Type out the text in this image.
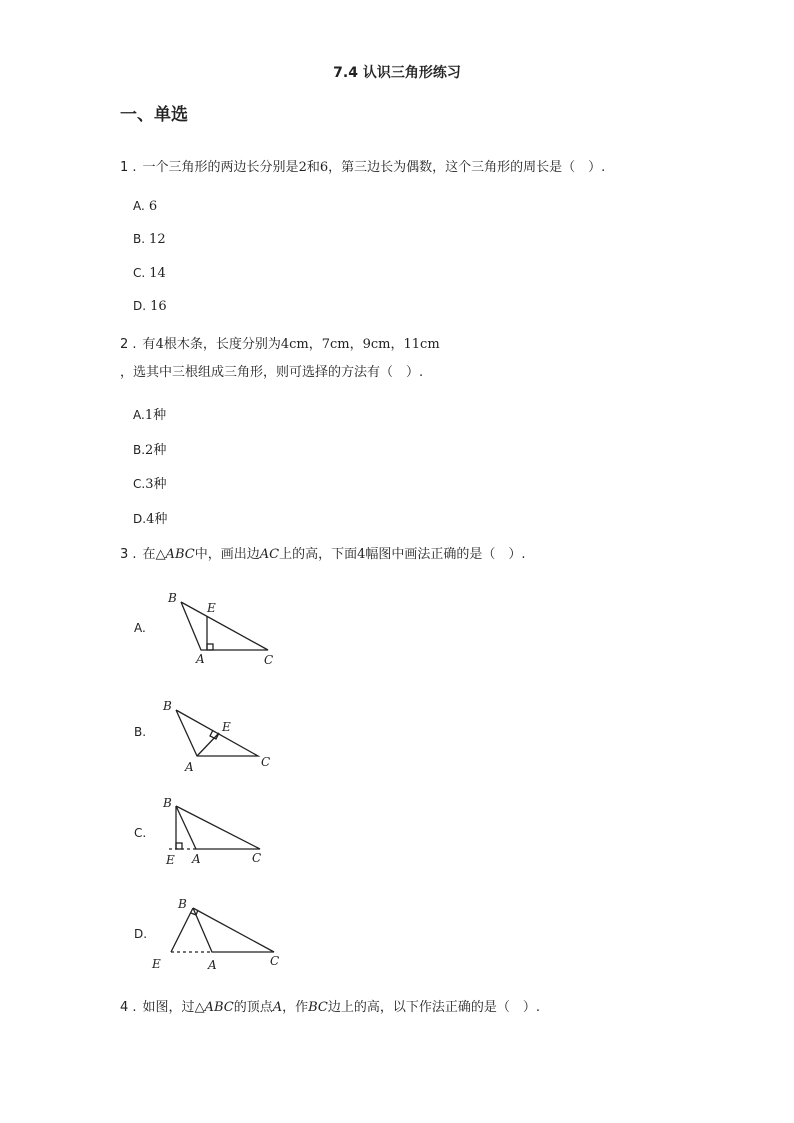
7.4 认识三角形练习
一、单选
1 . 一个三角形的两边长分别是2和6，第三边长为偶数，这个三角形的周长是（　）.
A. 6
B. 12
C. 14
D. 16
2 . 有4根木条，长度分别为4cm，7cm，9cm，11cm
，选其中三根组成三角形，则可选择的方法有（　）.
A.1种
B.2种
C.3种
D.4种
3 . 在△ABC中，画出边AC上的高，下面4幅图中画法正确的是（　）.
A.
B
E
A	C
B.
B
E
A	C
C.
B
E A	C
D.
B
E	A	C
4 . 如图，过△ABC的顶点A，作BC边上的高，以下作法正确的是（　）.
